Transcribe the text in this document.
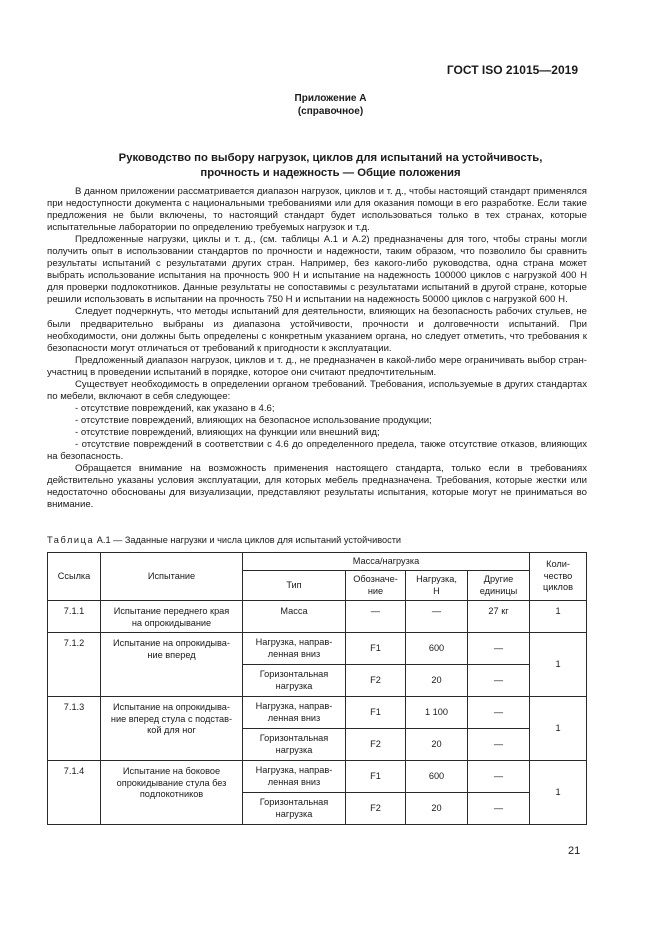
ГОСТ ISO 21015—2019
Приложение А
(справочное)
Руководство по выбору нагрузок, циклов для испытаний на устойчивость,
прочность и надежность — Общие положения

В данном приложении рассматривается диапазон нагрузок, циклов и т. д., чтобы настоящий стандарт применялся при недоступности документа с национальными требованиями или для оказания помощи в его разработке. Если такие предложения не были включены, то настоящий стандарт будет использоваться только в тех странах, которые испытательные лаборатории по определению требуемых нагрузок и т.д.

Предложенные нагрузки, циклы и т. д., (см. таблицы А.1 и А.2) предназначены для того, чтобы страны могли получить опыт в использовании стандартов по прочности и надежности, таким образом, что позволило бы сравнить результаты испытаний с результатами других стран. Например, без какого-либо руководства, одна страна может выбрать использование испытания на прочность 900 Н и испытание на надежность 100000 циклов с нагрузкой 400 Н для проверки подлокотников. Данные результаты не сопоставимы с результатами испытаний в другой стране, которые решили использовать в испытании на прочность 750 Н и испытании на надежность 50000 циклов с нагрузкой 600 Н.

Следует подчеркнуть, что методы испытаний для деятельности, влияющих на безопасность рабочих стульев, не были предварительно выбраны из диапазона устойчивости, прочности и долговечности испытаний. При необходимости, они должны быть определены с конкретным указанием органа, но следует отметить, что требования к безопасности могут отличаться от требований к пригодности к эксплуатации.

Предложенный диапазон нагрузок, циклов и т. д., не предназначен в какой-либо мере ограничивать выбор стран-участниц в проведении испытаний в порядке, которое они считают предпочтительным.

Существует необходимость в определении органом требований. Требования, используемые в других стандартах по мебели, включают в себя следующее:

- отсутствие повреждений, как указано в 4.6;

- отсутствие повреждений, влияющих на безопасное использование продукции;

- отсутствие повреждений, влияющих на функции или внешний вид;

- отсутствие повреждений в соответствии с 4.6 до определенного предела, также отсутствие отказов, влияющих на безопасность.

Обращается внимание на возможность применения настоящего стандарта, только если в требованиях действительно указаны условия эксплуатации, для которых мебель предназначена. Требования, которые жестки или недостаточно обоснованы для визуализации, представляют результаты испытания, которые могут не приниматься во внимание.

Таблица А.1 — Заданные нагрузки и числа циклов для испытаний устойчивости
Ссылка	Испытание	Масса/нагрузка				Коли-
чество
циклов
		Тип	Обозначе-
ние	Нагрузка,
Н	Другие
единицы	
7.1.1	Испытание переднего края
на опрокидывание	Масса	—	—	27 кг	1
7.1.2	Испытание на опрокидыва-
ние вперед	Нагрузка, направ-
ленная вниз	F1	600	—	1
		Горизонтальная
нагрузка	F2	20	—	
7.1.3	Испытание на опрокидыва-
ние вперед стула с подстав-
кой для ног	Нагрузка, направ-
ленная вниз	F1	1 100	—	1
		Горизонтальная
нагрузка	F2	20	—	
7.1.4	Испытание на боковое
опрокидывание стула без
подлокотников	Нагрузка, направ-
ленная вниз	F1	600	—	1
		Горизонтальная
нагрузка	F2	20	—	
21
